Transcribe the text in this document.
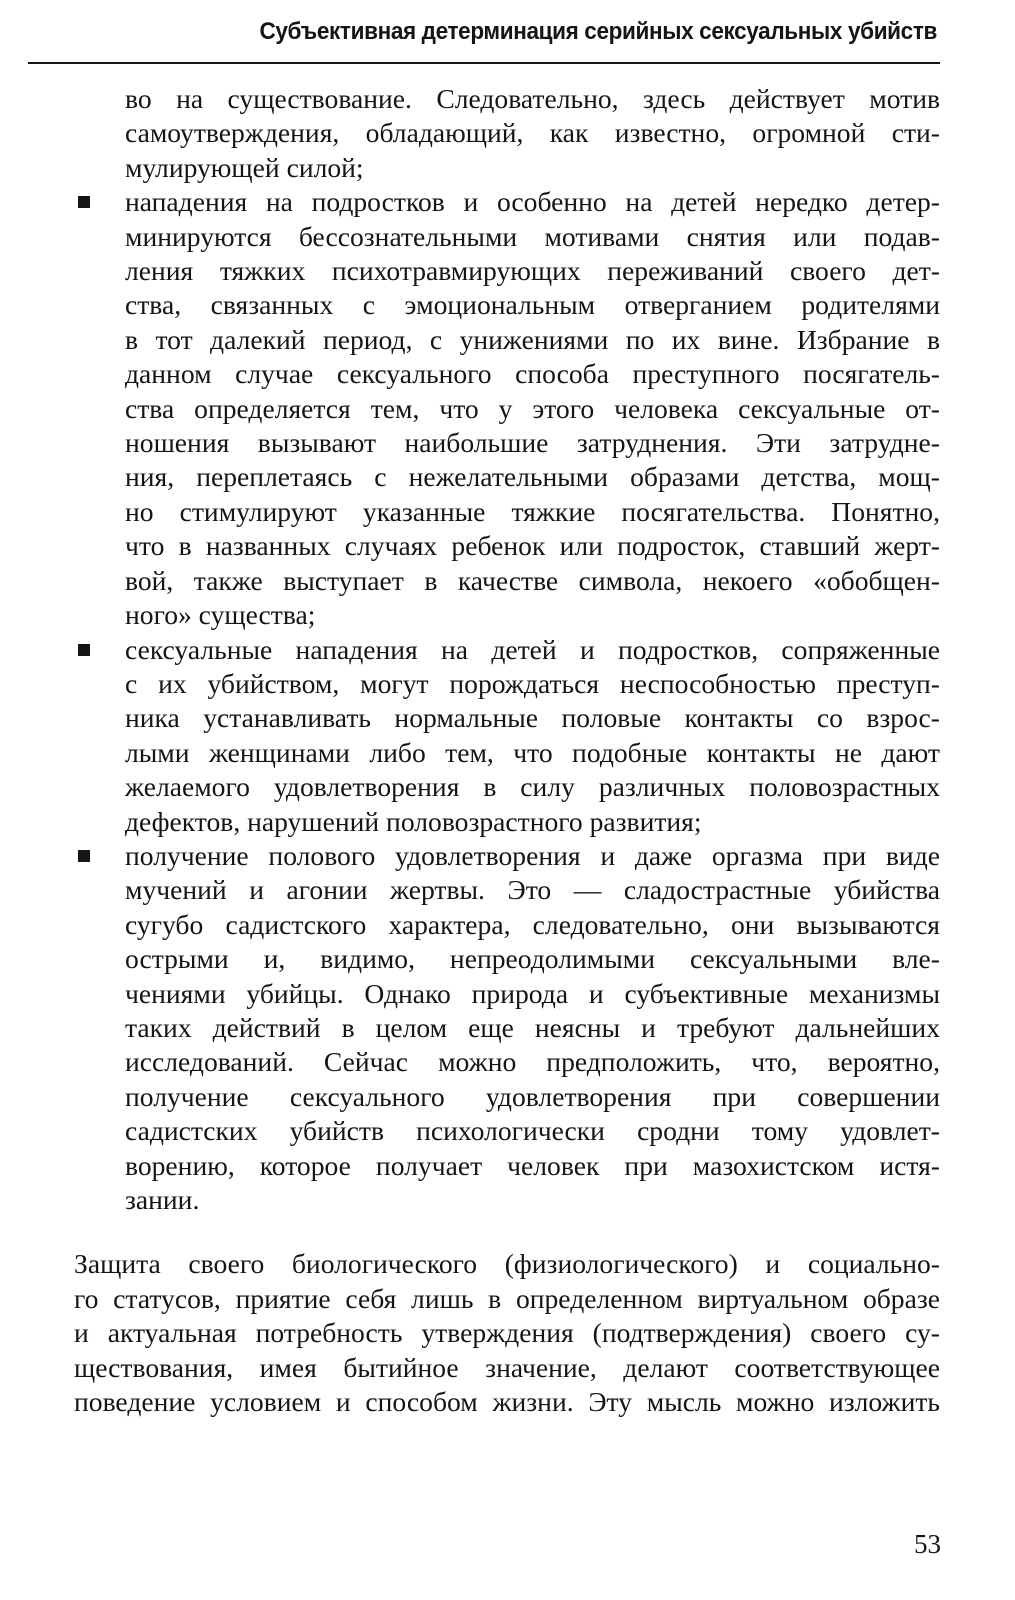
Субъективная детерминация серийных сексуальных убийств
во на существование. Следовательно, здесь действует мотив
самоутверждения, обладающий, как известно, огромной сти-
мулирующей силой;
нападения на подростков и особенно на детей нередко детер-
минируются бессознательными мотивами снятия или подав-
ления тяжких психотравмирующих переживаний своего дет-
ства, связанных с эмоциональным отверганием родителями
в тот далекий период, с унижениями по их вине. Избрание в
данном случае сексуального способа преступного посягатель-
ства определяется тем, что у этого человека сексуальные от-
ношения вызывают наибольшие затруднения. Эти затрудне-
ния, переплетаясь с нежелательными образами детства, мощ-
но стимулируют указанные тяжкие посягательства. Понятно,
что в названных случаях ребенок или подросток, ставший жерт-
вой, также выступает в качестве символа, некоего «обобщен-
ного» существа;
сексуальные нападения на детей и подростков, сопряженные
с их убийством, могут порождаться неспособностью преступ-
ника устанавливать нормальные половые контакты со взрос-
лыми женщинами либо тем, что подобные контакты не дают
желаемого удовлетворения в силу различных половозрастных
дефектов, нарушений половозрастного развития;
получение полового удовлетворения и даже оргазма при виде
мучений и агонии жертвы. Это — сладострастные убийства
сугубо садистского характера, следовательно, они вызываются
острыми и, видимо, непреодолимыми сексуальными вле-
чениями убийцы. Однако природа и субъективные механизмы
таких действий в целом еще неясны и требуют дальнейших
исследований. Сейчас можно предположить, что, вероятно,
получение сексуального удовлетворения при совершении
садистских убийств психологически сродни тому удовлет-
ворению, которое получает человек при мазохистском истя-
зании.
Защита своего биологического (физиологического) и социально-
го статусов, приятие себя лишь в определенном виртуальном образе
и актуальная потребность утверждения (подтверждения) своего су-
ществования, имея бытийное значение, делают соответствующее
поведение условием и способом жизни. Эту мысль можно изложить
53
